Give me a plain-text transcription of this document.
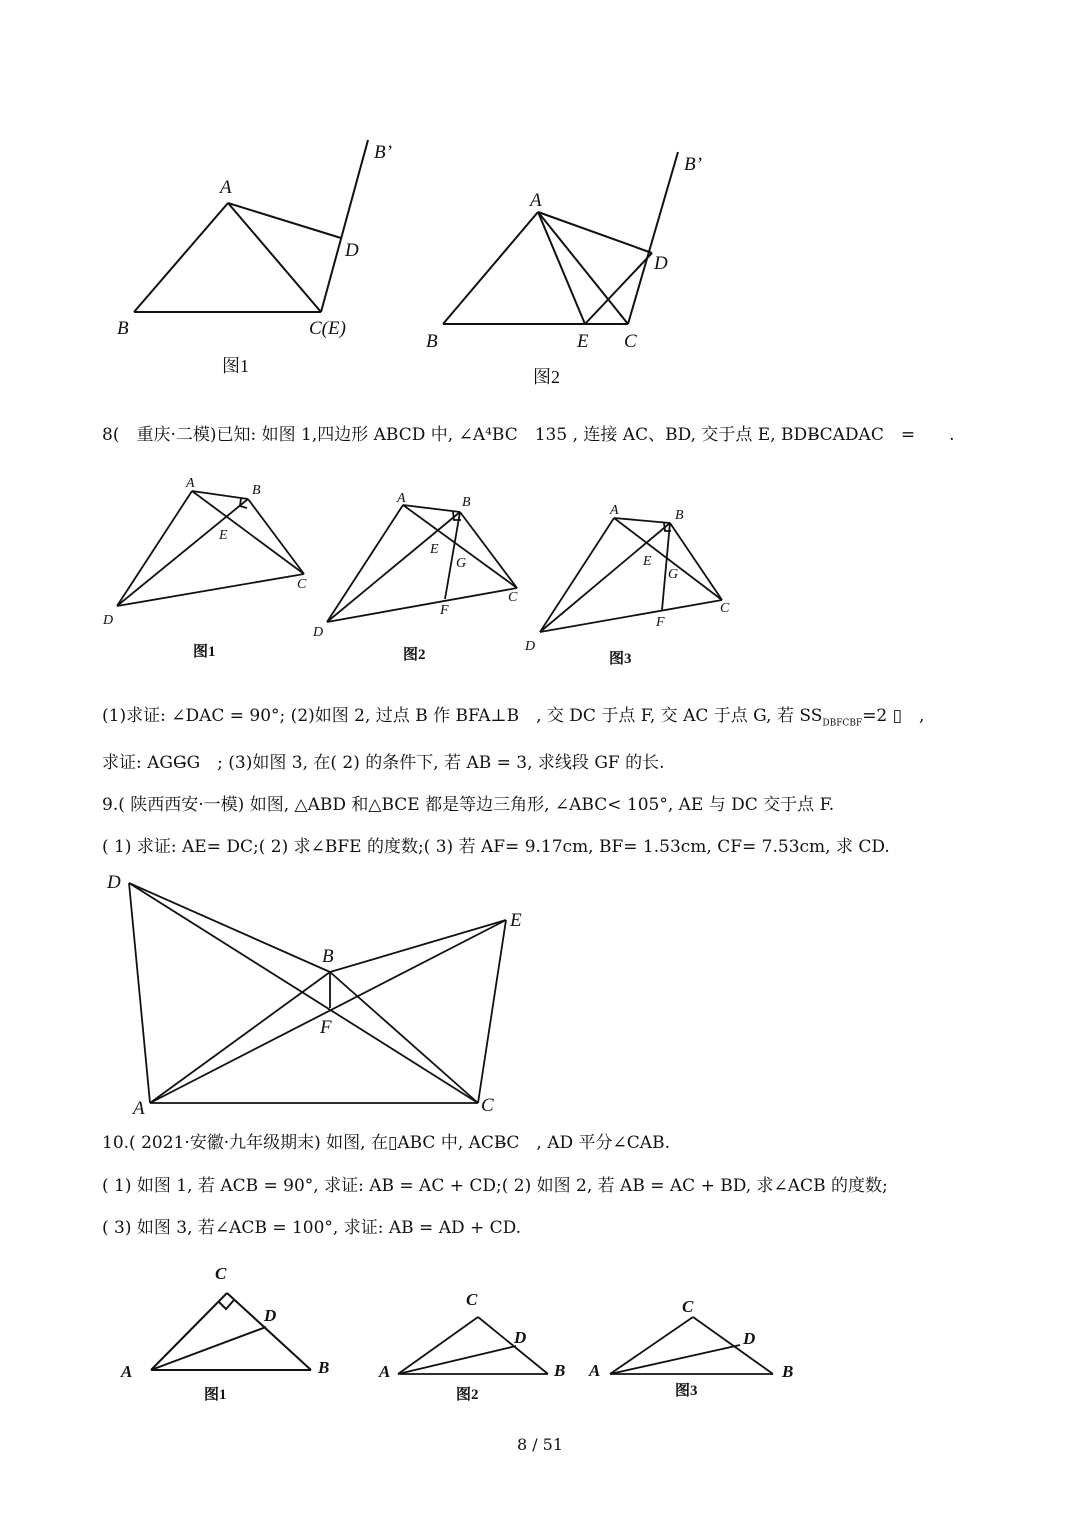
A
B	C(E)
D
B’
图1
A
B	E C
D
B’
图2
8(　重庆·二模)已知: 如图 1,四边形 ABCD 中, ∠A⁴BC　135 , 连接 AC、BD, 交于点 E, BDB̶CADAC　=　　.
A	B
C
D
E
图1
A	B
C
D
E
F
G
图2
A	B
C
D
E
F
G
图3
(1)求证: ∠DAC = 90°; (2)如图 2, 过点 B 作 BFA⊥B　, 交 DC 于点 F, 交 AC 于点 G, 若 $SS_{DBFCBF}=2$ ▯　,
求证: AGG̶G　; (3)如图 3, 在( 2) 的条件下, 若 AB = 3, 求线段 GF 的长.
9.( 陕西西安·一模) 如图, △ABD 和△BCE 都是等边三角形, ∠ABC< 105°, AE 与 DC 交于点 F.
( 1) 求证: AE= DC;( 2) 求∠BFE 的度数;( 3) 若 AF= 9.17cm, BF= 1.53cm, CF= 7.53cm, 求 CD.
D
E
B
F
A	C
10.( 2021·安徽·九年级期末) 如图, 在▯ABC 中, ACB̶C　, AD 平分∠CAB.
( 1) 如图 1, 若 ACB = 90°, 求证: AB = AC + CD;( 2) 如图 2, 若 AB = AC + BD, 求∠ACB 的度数;
( 3) 如图 3, 若∠ACB = 100°, 求证: AB = AD + CD.
C
D
A	B
图1
C
D
A	B
图2
C
D
A	B
图3
8 / 51
